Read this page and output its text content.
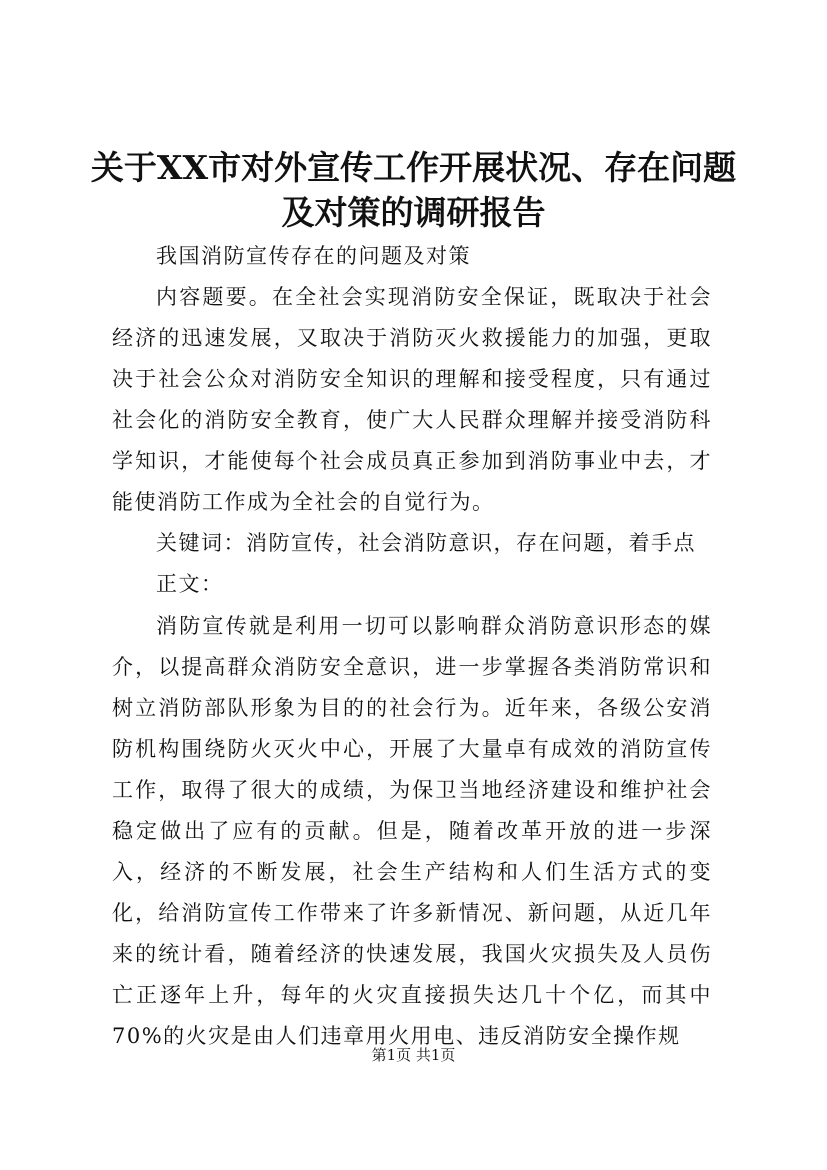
关于XX市对外宣传工作开展状况、存在问题
及对策的调研报告

我国消防宣传存在的问题及对策

内容题要。在全社会实现消防安全保证，既取决于社会经济的迅速发展，又取决于消防灭火救援能力的加强，更取决于社会公众对消防安全知识的理解和接受程度，只有通过社会化的消防安全教育，使广大人民群众理解并接受消防科学知识，才能使每个社会成员真正参加到消防事业中去，才能使消防工作成为全社会的自觉行为。

关键词：消防宣传，社会消防意识，存在问题，着手点

正文：

消防宣传就是利用一切可以影响群众消防意识形态的媒介，以提高群众消防安全意识，进一步掌握各类消防常识和树立消防部队形象为目的的社会行为。近年来，各级公安消防机构围绕防火灭火中心，开展了大量卓有成效的消防宣传工作，取得了很大的成绩，为保卫当地经济建设和维护社会稳定做出了应有的贡献。但是，随着改革开放的进一步深入，经济的不断发展，社会生产结构和人们生活方式的变化，给消防宣传工作带来了许多新情况、新问题，从近几年来的统计看，随着经济的快速发展，我国火灾损失及人员伤亡正逐年上升，每年的火灾直接损失达几十个亿，而其中70%的火灾是由人们违章用火用电、违反消防安全操作规

第1页 共1页
